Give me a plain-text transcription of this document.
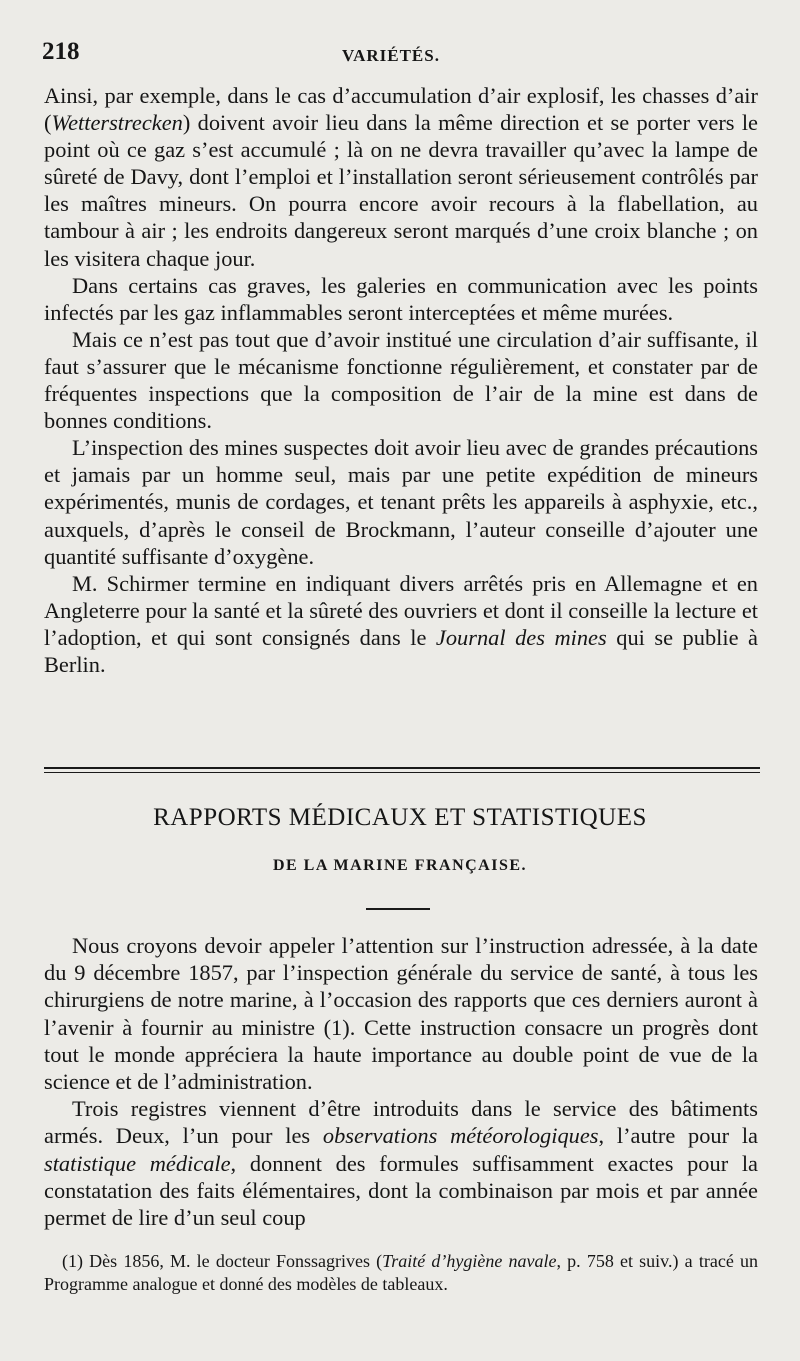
218	VARIÉTÉS.

Ainsi, par exemple, dans le cas d’accumulation d’air explosif, les chasses d’air (Wetterstrecken) doivent avoir lieu dans la même direction et se porter vers le point où ce gaz s’est accumulé ; là on ne devra travailler qu’avec la lampe de sûreté de Davy, dont l’emploi et l’installation seront sérieusement contrôlés par les maîtres mineurs. On pourra encore avoir recours à la flabellation, au tambour à air ; les endroits dangereux seront marqués d’une croix blanche ; on les visitera chaque jour.

Dans certains cas graves, les galeries en communication avec les points infectés par les gaz inflammables seront interceptées et même murées.

Mais ce n’est pas tout que d’avoir institué une circulation d’air suffisante, il faut s’assurer que le mécanisme fonctionne régulièrement, et constater par de fréquentes inspections que la composition de l’air de la mine est dans de bonnes conditions.

L’inspection des mines suspectes doit avoir lieu avec de grandes précautions et jamais par un homme seul, mais par une petite expédition de mineurs expérimentés, munis de cordages, et tenant prêts les appareils à asphyxie, etc., auxquels, d’après le conseil de Brockmann, l’auteur conseille d’ajouter une quantité suffisante d’oxygène.

M. Schirmer termine en indiquant divers arrêtés pris en Allemagne et en Angleterre pour la santé et la sûreté des ouvriers et dont il conseille la lecture et l’adoption, et qui sont consignés dans le Journal des mines qui se publie à Berlin.

RAPPORTS MÉDICAUX ET STATISTIQUES
DE LA MARINE FRANÇAISE.

Nous croyons devoir appeler l’attention sur l’instruction adressée, à la date du 9 décembre 1857, par l’inspection générale du service de santé, à tous les chirurgiens de notre marine, à l’occasion des rapports que ces derniers auront à l’avenir à fournir au ministre (1). Cette instruction consacre un progrès dont tout le monde appréciera la haute importance au double point de vue de la science et de l’administration.

Trois registres viennent d’être introduits dans le service des bâtiments armés. Deux, l’un pour les observations météorologiques, l’autre pour la statistique médicale, donnent des formules suffisamment exactes pour la constatation des faits élémentaires, dont la combinaison par mois et par année permet de lire d’un seul coup

(1) Dès 1856, M. le docteur Fonssagrives (Traité d’hygiène navale, p. 758 et suiv.) a tracé un Programme analogue et donné des modèles de tableaux.
